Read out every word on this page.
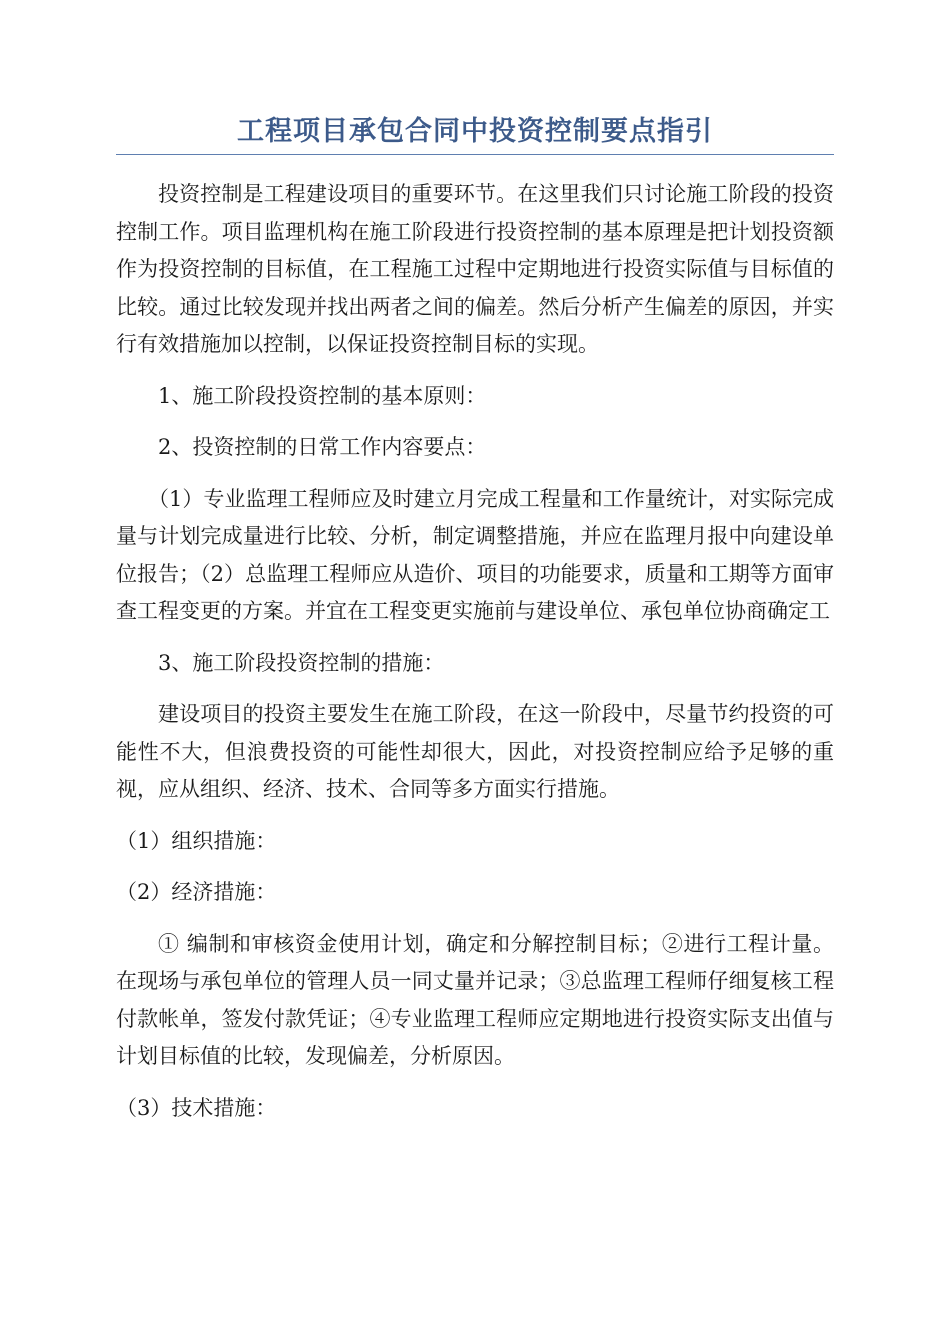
工程项目承包合同中投资控制要点指引

投资控制是工程建设项目的重要环节。在这里我们只讨论施工阶段的投资控制工作。项目监理机构在施工阶段进行投资控制的基本原理是把计划投资额作为投资控制的目标值，在工程施工过程中定期地进行投资实际值与目标值的比较。通过比较发现并找出两者之间的偏差。然后分析产生偏差的原因，并实行有效措施加以控制，以保证投资控制目标的实现。

1、施工阶段投资控制的基本原则：

2、投资控制的日常工作内容要点：

（1）专业监理工程师应及时建立月完成工程量和工作量统计，对实际完成量与计划完成量进行比较、分析，制定调整措施，并应在监理月报中向建设单位报告；（2）总监理工程师应从造价、项目的功能要求，质量和工期等方面审查工程变更的方案。并宜在工程变更实施前与建设单位、承包单位协商确定工

3、施工阶段投资控制的措施：

建设项目的投资主要发生在施工阶段，在这一阶段中，尽量节约投资的可能性不大，但浪费投资的可能性却很大，因此，对投资控制应给予足够的重视，应从组织、经济、技术、合同等多方面实行措施。

（1）组织措施：

（2）经济措施：

① 编制和审核资金使用计划，确定和分解控制目标；②进行工程计量。在现场与承包单位的管理人员一同丈量并记录；③总监理工程师仔细复核工程付款帐单，签发付款凭证；④专业监理工程师应定期地进行投资实际支出值与计划目标值的比较，发现偏差，分析原因。

（3）技术措施：
